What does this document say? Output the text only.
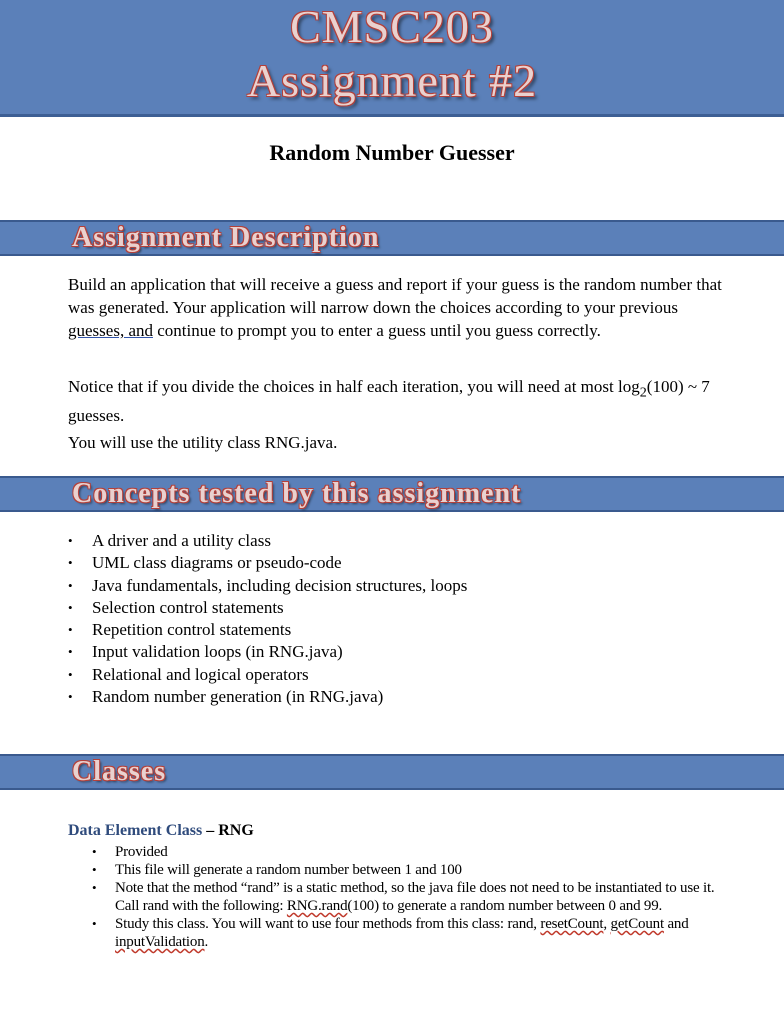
CMSC203
Assignment #2
Random Number Guesser
Assignment Description

Build an application that will receive a guess and report if your guess is the random number that was generated. Your application will narrow down the choices according to your previous guesses, and continue to prompt you to enter a guess until you guess correctly.

Notice that if you divide the choices in half each iteration, you will need at most $\log_2(100)$ ~ 7 guesses.

You will use the utility class RNG.java.

Concepts tested by this assignment
• A driver and a utility class
• UML class diagrams or pseudo-code
• Java fundamentals, including decision structures, loops
• Selection control statements
• Repetition control statements
• Input validation loops (in RNG.java)
• Relational and logical operators
• Random number generation (in RNG.java)
Classes
Data Element Class – RNG
• Provided
• This file will generate a random number between 1 and 100
• Note that the method “rand” is a static method, so the java file does not need to be instantiated to use it. Call rand with the following: RNG.rand(100) to generate a random number between 0 and 99.
• Study this class. You will want to use four methods from this class: rand, resetCount, getCount and inputValidation.
